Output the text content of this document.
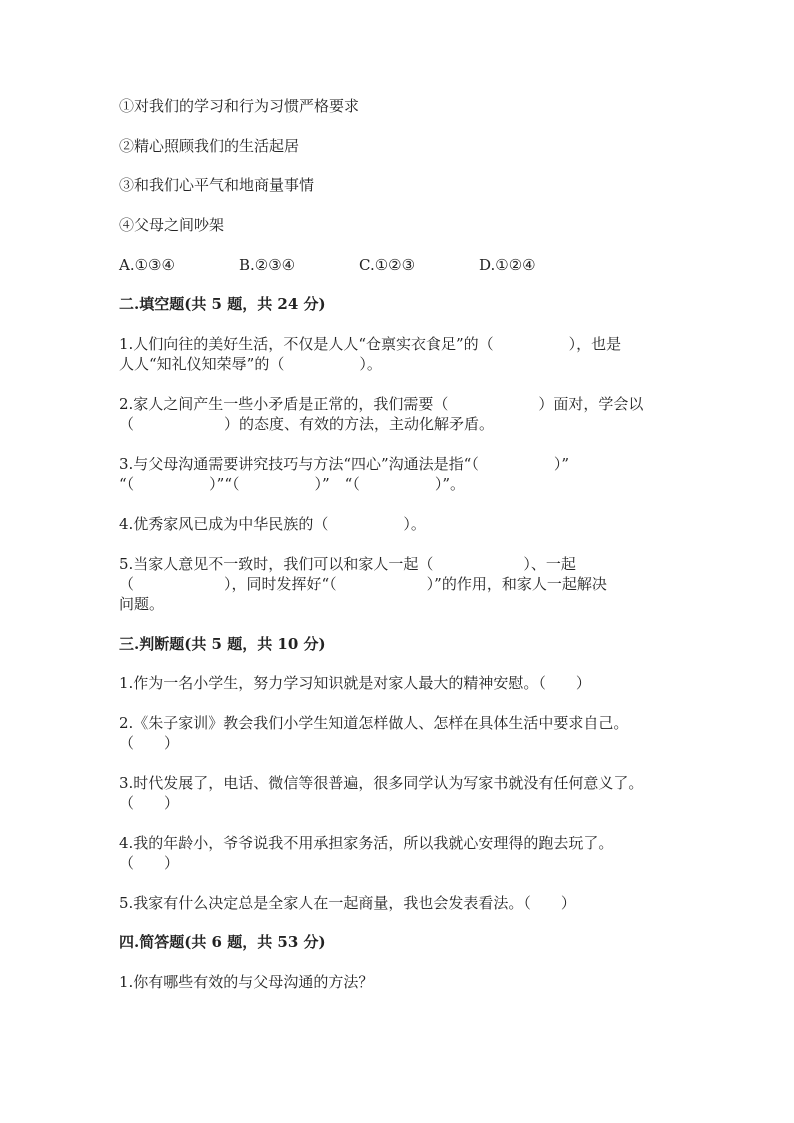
①对我们的学习和行为习惯严格要求
②精心照顾我们的生活起居
③和我们心平气和地商量事情
④父母之间吵架
A.①③④	B.②③④	C.①②③	D.①②④
二.填空题(共 5 题，共 24 分)
1.人们向往的美好生活，不仅是人人“仓禀实衣食足”的（　　　　　），也是
人人“知礼仪知荣辱”的（　　　　　）。
2.家人之间产生一些小矛盾是正常的，我们需要（　　　　　　）面对，学会以
（　　　　　　）的态度、有效的方法，主动化解矛盾。
3.与父母沟通需要讲究技巧与方法“四心”沟通法是指“（　　　　　）”
“（　　　　　）”“（　　　　　）”　“（　　　　　）”。
4.优秀家风已成为中华民族的（　　　　　）。
5.当家人意见不一致时，我们可以和家人一起（　　　　　　）、一起
（　　　　　　），同时发挥好“（　　　　　　）”的作用，和家人一起解决
问题。
三.判断题(共 5 题，共 10 分)
1.作为一名小学生，努力学习知识就是对家人最大的精神安慰。（　　）
2.《朱子家训》教会我们小学生知道怎样做人、怎样在具体生活中要求自己。
（　　）
3.时代发展了，电话、微信等很普遍，很多同学认为写家书就没有任何意义了。
（　　）
4.我的年龄小，爷爷说我不用承担家务活，所以我就心安理得的跑去玩了。
（　　）
5.我家有什么决定总是全家人在一起商量，我也会发表看法。（　　）
四.简答题(共 6 题，共 53 分)
1.你有哪些有效的与父母沟通的方法？
